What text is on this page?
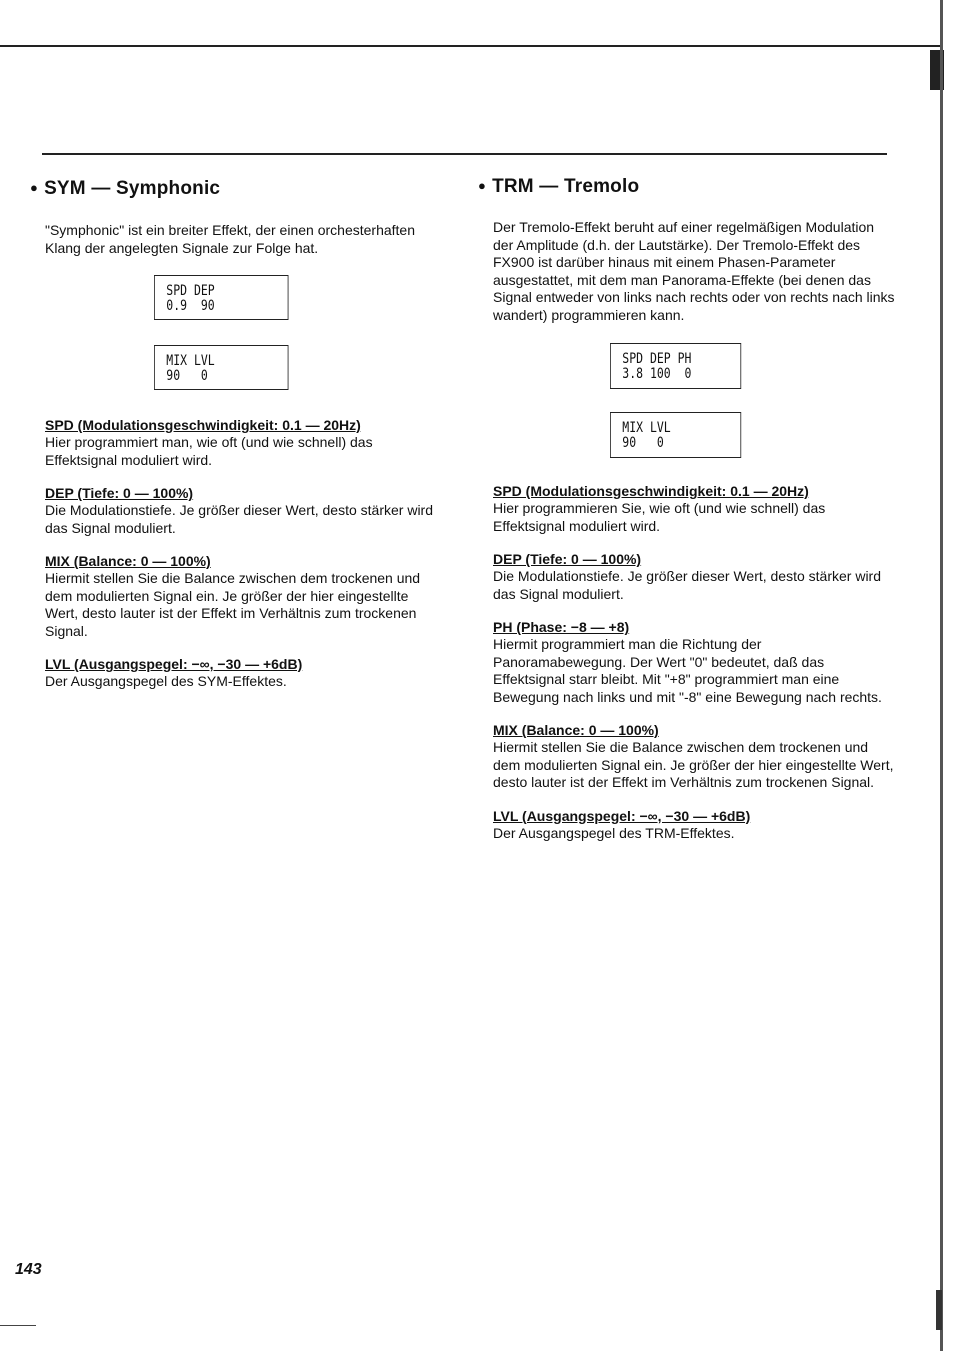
● SYM — Symphonic

"Symphonic" ist ein breiter Effekt, der einen orchesterhaften Klang der angelegten Signale zur Folge hat.

SPD DEP
0.9  90
MIX LVL
90   0
SPD (Modulationsgeschwindigkeit: 0.1 — 20Hz)

Hier programmiert man, wie oft (und wie schnell) das Effektsignal moduliert wird.

DEP (Tiefe: 0 — 100%)

Die Modulationstiefe. Je größer dieser Wert, desto stärker wird das Signal moduliert.

MIX (Balance: 0 — 100%)

Hiermit stellen Sie die Balance zwischen dem trockenen und dem modulierten Signal ein. Je größer der hier eingestellte Wert, desto lauter ist der Effekt im Verhältnis zum trockenen Signal.

LVL (Ausgangspegel: −∞, −30 — +6dB)

Der Ausgangspegel des SYM-Effektes.

● TRM — Tremolo

Der Tremolo-Effekt beruht auf einer regelmäßigen Modulation der Amplitude (d.h. der Lautstärke). Der Tremolo-Effekt des FX900 ist darüber hinaus mit einem Phasen-Parameter ausgestattet, mit dem man Panorama-Effekte (bei denen das Signal entweder von links nach rechts oder von rechts nach links wandert) programmieren kann.

SPD DEP PH
3.8 100  0
MIX LVL
90   0
SPD (Modulationsgeschwindigkeit: 0.1 — 20Hz)

Hier programmieren Sie, wie oft (und wie schnell) das Effektsignal moduliert wird.

DEP (Tiefe: 0 — 100%)

Die Modulationstiefe. Je größer dieser Wert, desto stärker wird das Signal moduliert.

PH (Phase: −8 — +8)

Hiermit programmiert man die Richtung der Panoramabewegung. Der Wert "0" bedeutet, daß das Effektsignal starr bleibt. Mit "+8" programmiert man eine Bewegung nach links und mit "-8" eine Bewegung nach rechts.

MIX (Balance: 0 — 100%)

Hiermit stellen Sie die Balance zwischen dem trockenen und dem modulierten Signal ein. Je größer der hier eingestellte Wert, desto lauter ist der Effekt im Verhältnis zum trockenen Signal.

LVL (Ausgangspegel: −∞, −30 — +6dB)

Der Ausgangspegel des TRM-Effektes.

143
